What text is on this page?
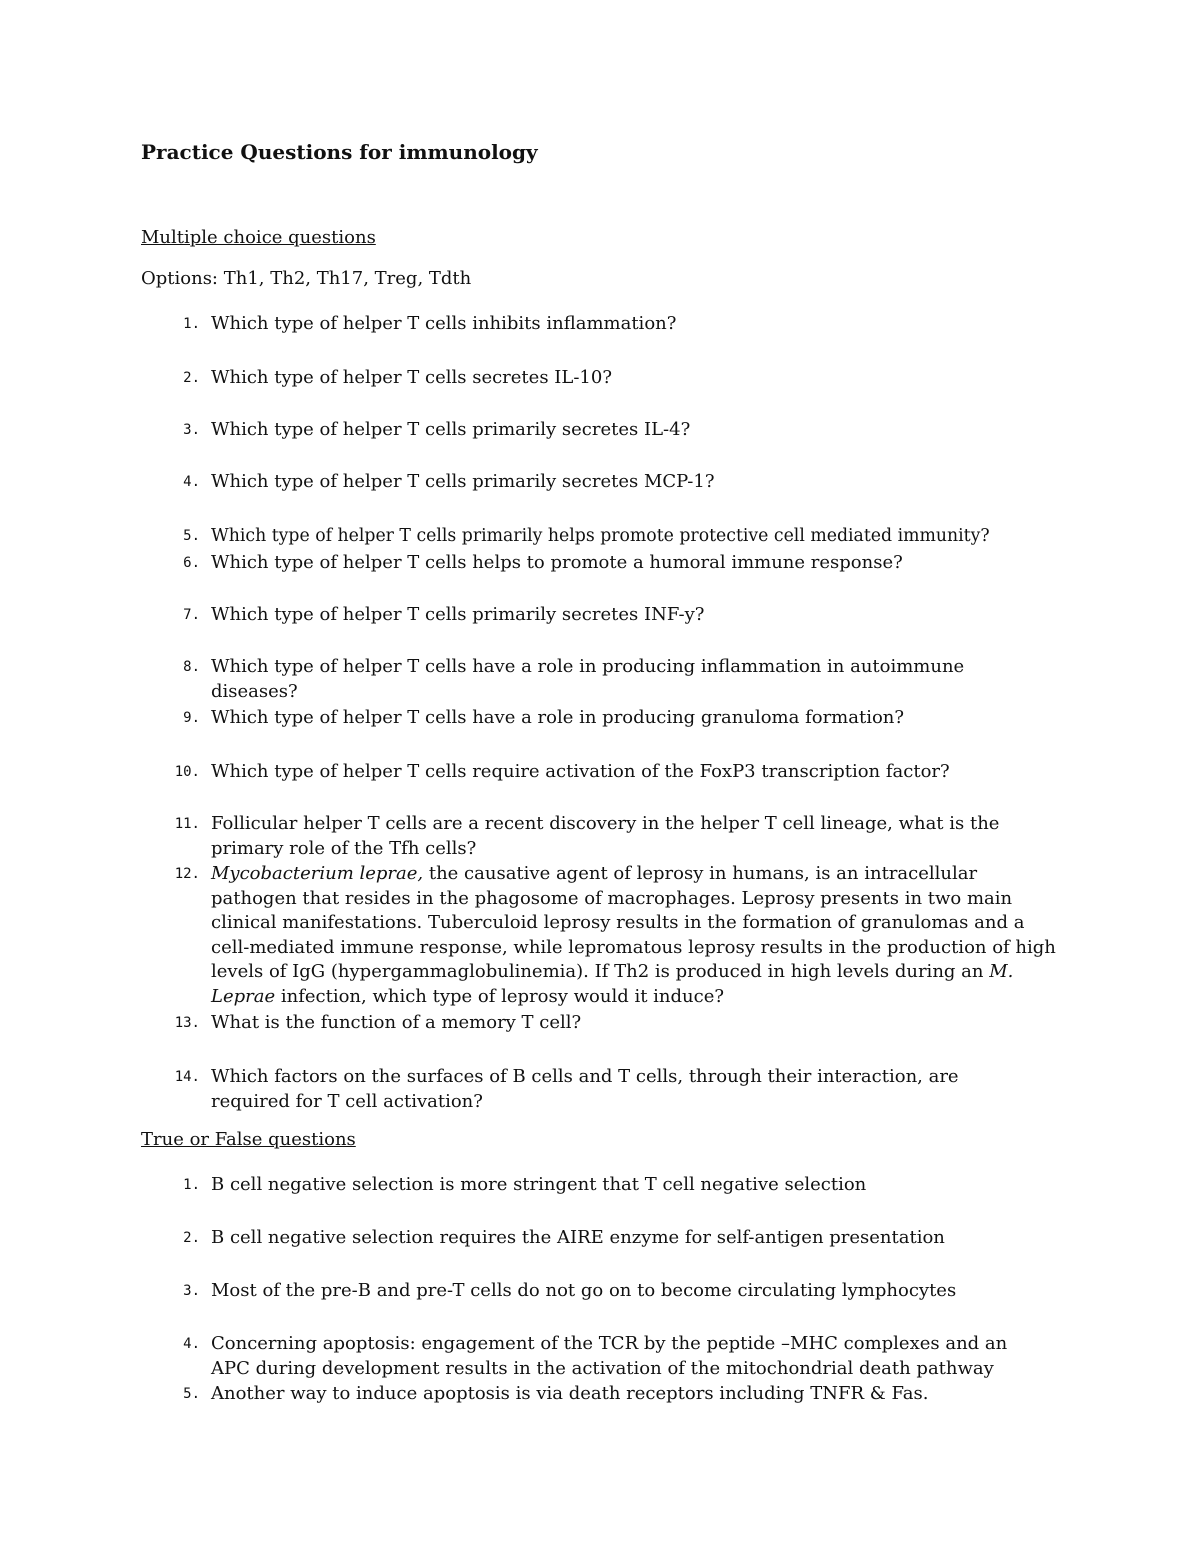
Practice Questions for immunology
Multiple choice questions
Options: Th1, Th2, Th17, Treg, Tdth
1. Which type of helper T cells inhibits inflammation?
2. Which type of helper T cells secretes IL-10?
3. Which type of helper T cells primarily secretes IL-4?
4. Which type of helper T cells primarily secretes MCP-1?
5. Which type of helper T cells primarily helps promote protective cell mediated immunity?
6. Which type of helper T cells helps to promote a humoral immune response?
7. Which type of helper T cells primarily secretes INF-y?
8. Which type of helper T cells have a role in producing inflammation in autoimmune diseases?
9. Which type of helper T cells have a role in producing granuloma formation?
10. Which type of helper T cells require activation of the FoxP3 transcription factor?
11. Follicular helper T cells are a recent discovery in the helper T cell lineage, what is the primary role of the Tfh cells?
12. Mycobacterium leprae, the causative agent of leprosy in humans, is an intracellular pathogen that resides in the phagosome of macrophages. Leprosy presents in two main clinical manifestations. Tuberculoid leprosy results in the formation of granulomas and a cell-mediated immune response, while lepromatous leprosy results in the production of high levels of IgG (hypergammaglobulinemia). If Th2 is produced in high levels during an M. Leprae infection, which type of leprosy would it induce?
13. What is the function of a memory T cell?
14. Which factors on the surfaces of B cells and T cells, through their interaction, are required for T cell activation?
True or False questions
1. B cell negative selection is more stringent that T cell negative selection
2. B cell negative selection requires the AIRE enzyme for self-antigen presentation
3. Most of the pre-B and pre-T cells do not go on to become circulating lymphocytes
4. Concerning apoptosis: engagement of the TCR by the peptide –MHC complexes and an APC during development results in the activation of the mitochondrial death pathway
5. Another way to induce apoptosis is via death receptors including TNFR & Fas.
